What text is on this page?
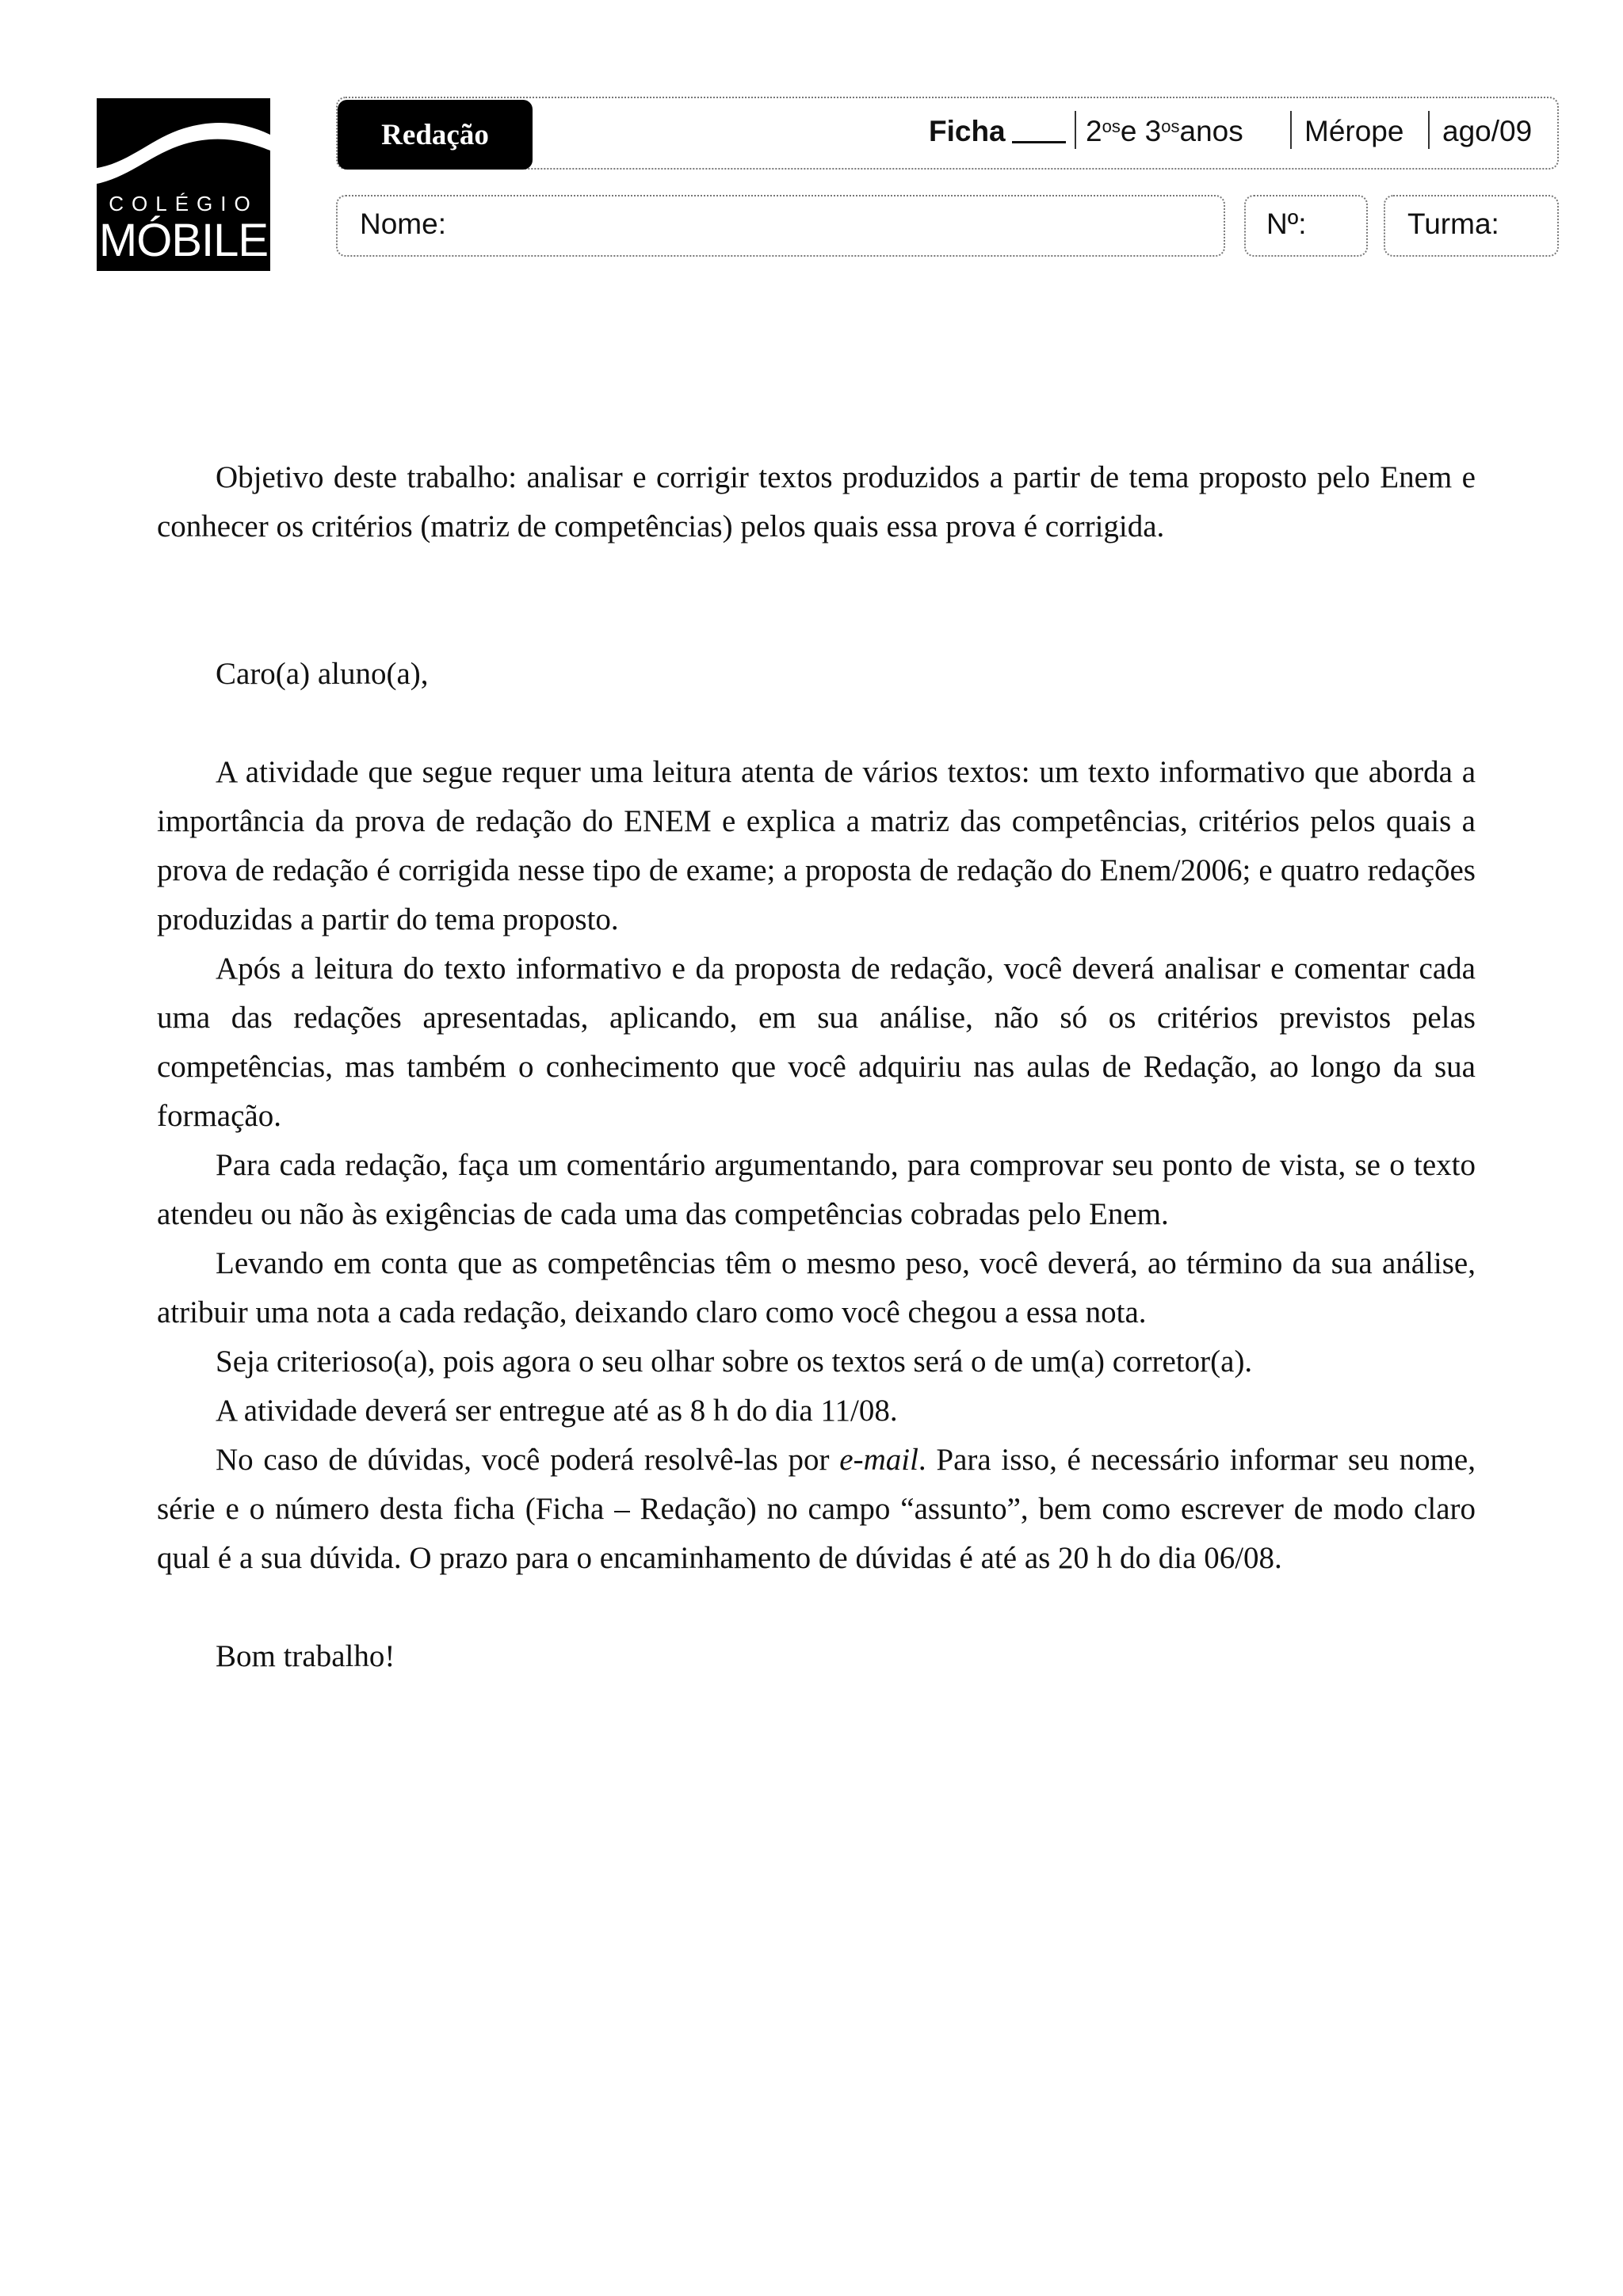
COLÉGIO
MÓBILE
Redação	Ficha	$2^{os}$ e $3^{os}$ anos Mérope ago/09
Nome:	Nº:	Turma:

Objetivo deste trabalho: analisar e corrigir textos produzidos a partir de tema proposto pelo Enem e conhecer os critérios (matriz de competências) pelos quais essa prova é corrigida.

Caro(a) aluno(a),

A atividade que segue requer uma leitura atenta de vários textos: um texto informativo que aborda a importância da prova de redação do ENEM e explica a matriz das competências, critérios pelos quais a prova de redação é corrigida nesse tipo de exame; a proposta de redação do Enem/2006; e quatro redações produzidas a partir do tema proposto.

Após a leitura do texto informativo e da proposta de redação, você deverá analisar e comentar cada uma das redações apresentadas, aplicando, em sua análise, não só os critérios previstos pelas competências, mas também o conhecimento que você adquiriu nas aulas de Redação, ao longo da sua formação.

Para cada redação, faça um comentário argumentando, para comprovar seu ponto de vista, se o texto atendeu ou não às exigências de cada uma das competências cobradas pelo Enem.

Levando em conta que as competências têm o mesmo peso, você deverá, ao término da sua análise, atribuir uma nota a cada redação, deixando claro como você chegou a essa nota.

Seja criterioso(a), pois agora o seu olhar sobre os textos será o de um(a) corretor(a).

A atividade deverá ser entregue até as 8 h do dia 11/08.

No caso de dúvidas, você poderá resolvê-las por e-mail. Para isso, é necessário informar seu nome, série e o número desta ficha (Ficha – Redação) no campo “assunto”, bem como escrever de modo claro qual é a sua dúvida. O prazo para o encaminhamento de dúvidas é até as 20 h do dia 06/08.

Bom trabalho!
